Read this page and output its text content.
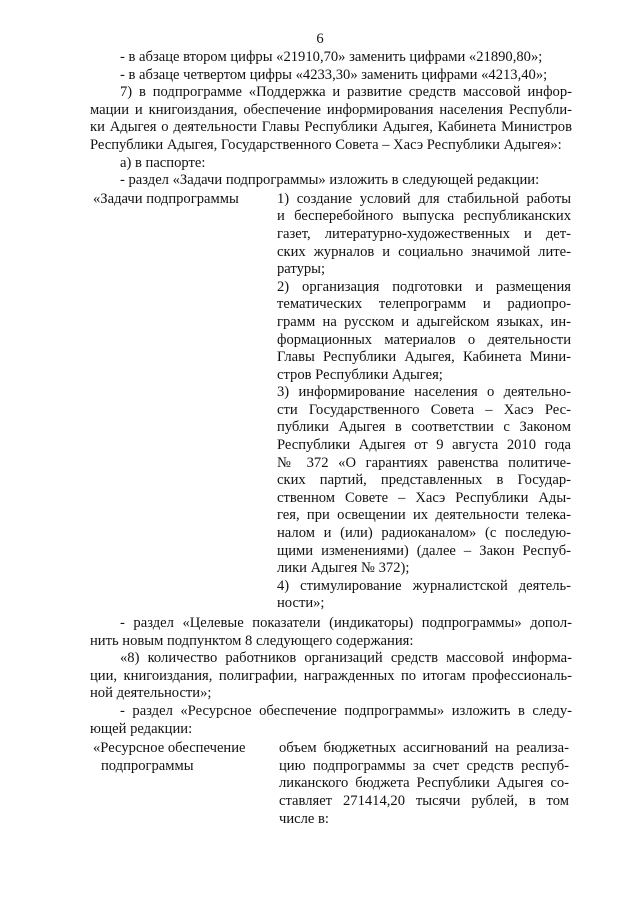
6
- в абзаце втором цифры «21910,70» заменить цифрами «21890,80»;
- в абзаце четвертом цифры «4233,30» заменить цифрами «4213,40»;
7) в подпрограмме «Поддержка и развитие средств массовой инфор-
мации и книгоиздания, обеспечение информирования населения Республи-
ки Адыгея о деятельности Главы Республики Адыгея, Кабинета Министров
Республики Адыгея, Государственного Совета – Хасэ Республики Адыгея»:
а) в паспорте:
- раздел «Задачи подпрограммы» изложить в следующей редакции:
«Задачи подпрограммы	1) создание условий для стабильной работы
и бесперебойного выпуска республиканских
газет, литературно-художественных и дет-
ских журналов и социально значимой лите-
ратуры;
2) организация подготовки и размещения
тематических телепрограмм и радиопро-
грамм на русском и адыгейском языках, ин-
формационных материалов о деятельности
Главы Республики Адыгея, Кабинета Мини-
стров Республики Адыгея;
3) информирование населения о деятельно-
сти Государственного Совета – Хасэ Рес-
публики Адыгея в соответствии с Законом
Республики Адыгея от 9 августа 2010 года
№ 372 «О гарантиях равенства политиче-
ских партий, представленных в Государ-
ственном Совете – Хасэ Республики Ады-
гея, при освещении их деятельности телека-
налом и (или) радиоканалом» (с последую-
щими изменениями) (далее – Закон Респуб-
лики Адыгея № 372);
4) стимулирование журналистской деятель-
ности»;
- раздел «Целевые показатели (индикаторы) подпрограммы» допол-
нить новым подпунктом 8 следующего содержания:
«8) количество работников организаций средств массовой информа-
ции, книгоиздания, полиграфии, награжденных по итогам профессиональ-
ной деятельности»;
- раздел «Ресурсное обеспечение подпрограммы» изложить в следу-
ющей редакции:
«Ресурсное обеспечение
подпрограммы
объем бюджетных ассигнований на реализа-
цию подпрограммы за счет средств респуб-
ликанского бюджета Республики Адыгея со-
ставляет 271414,20 тысячи рублей, в том
числе в:
